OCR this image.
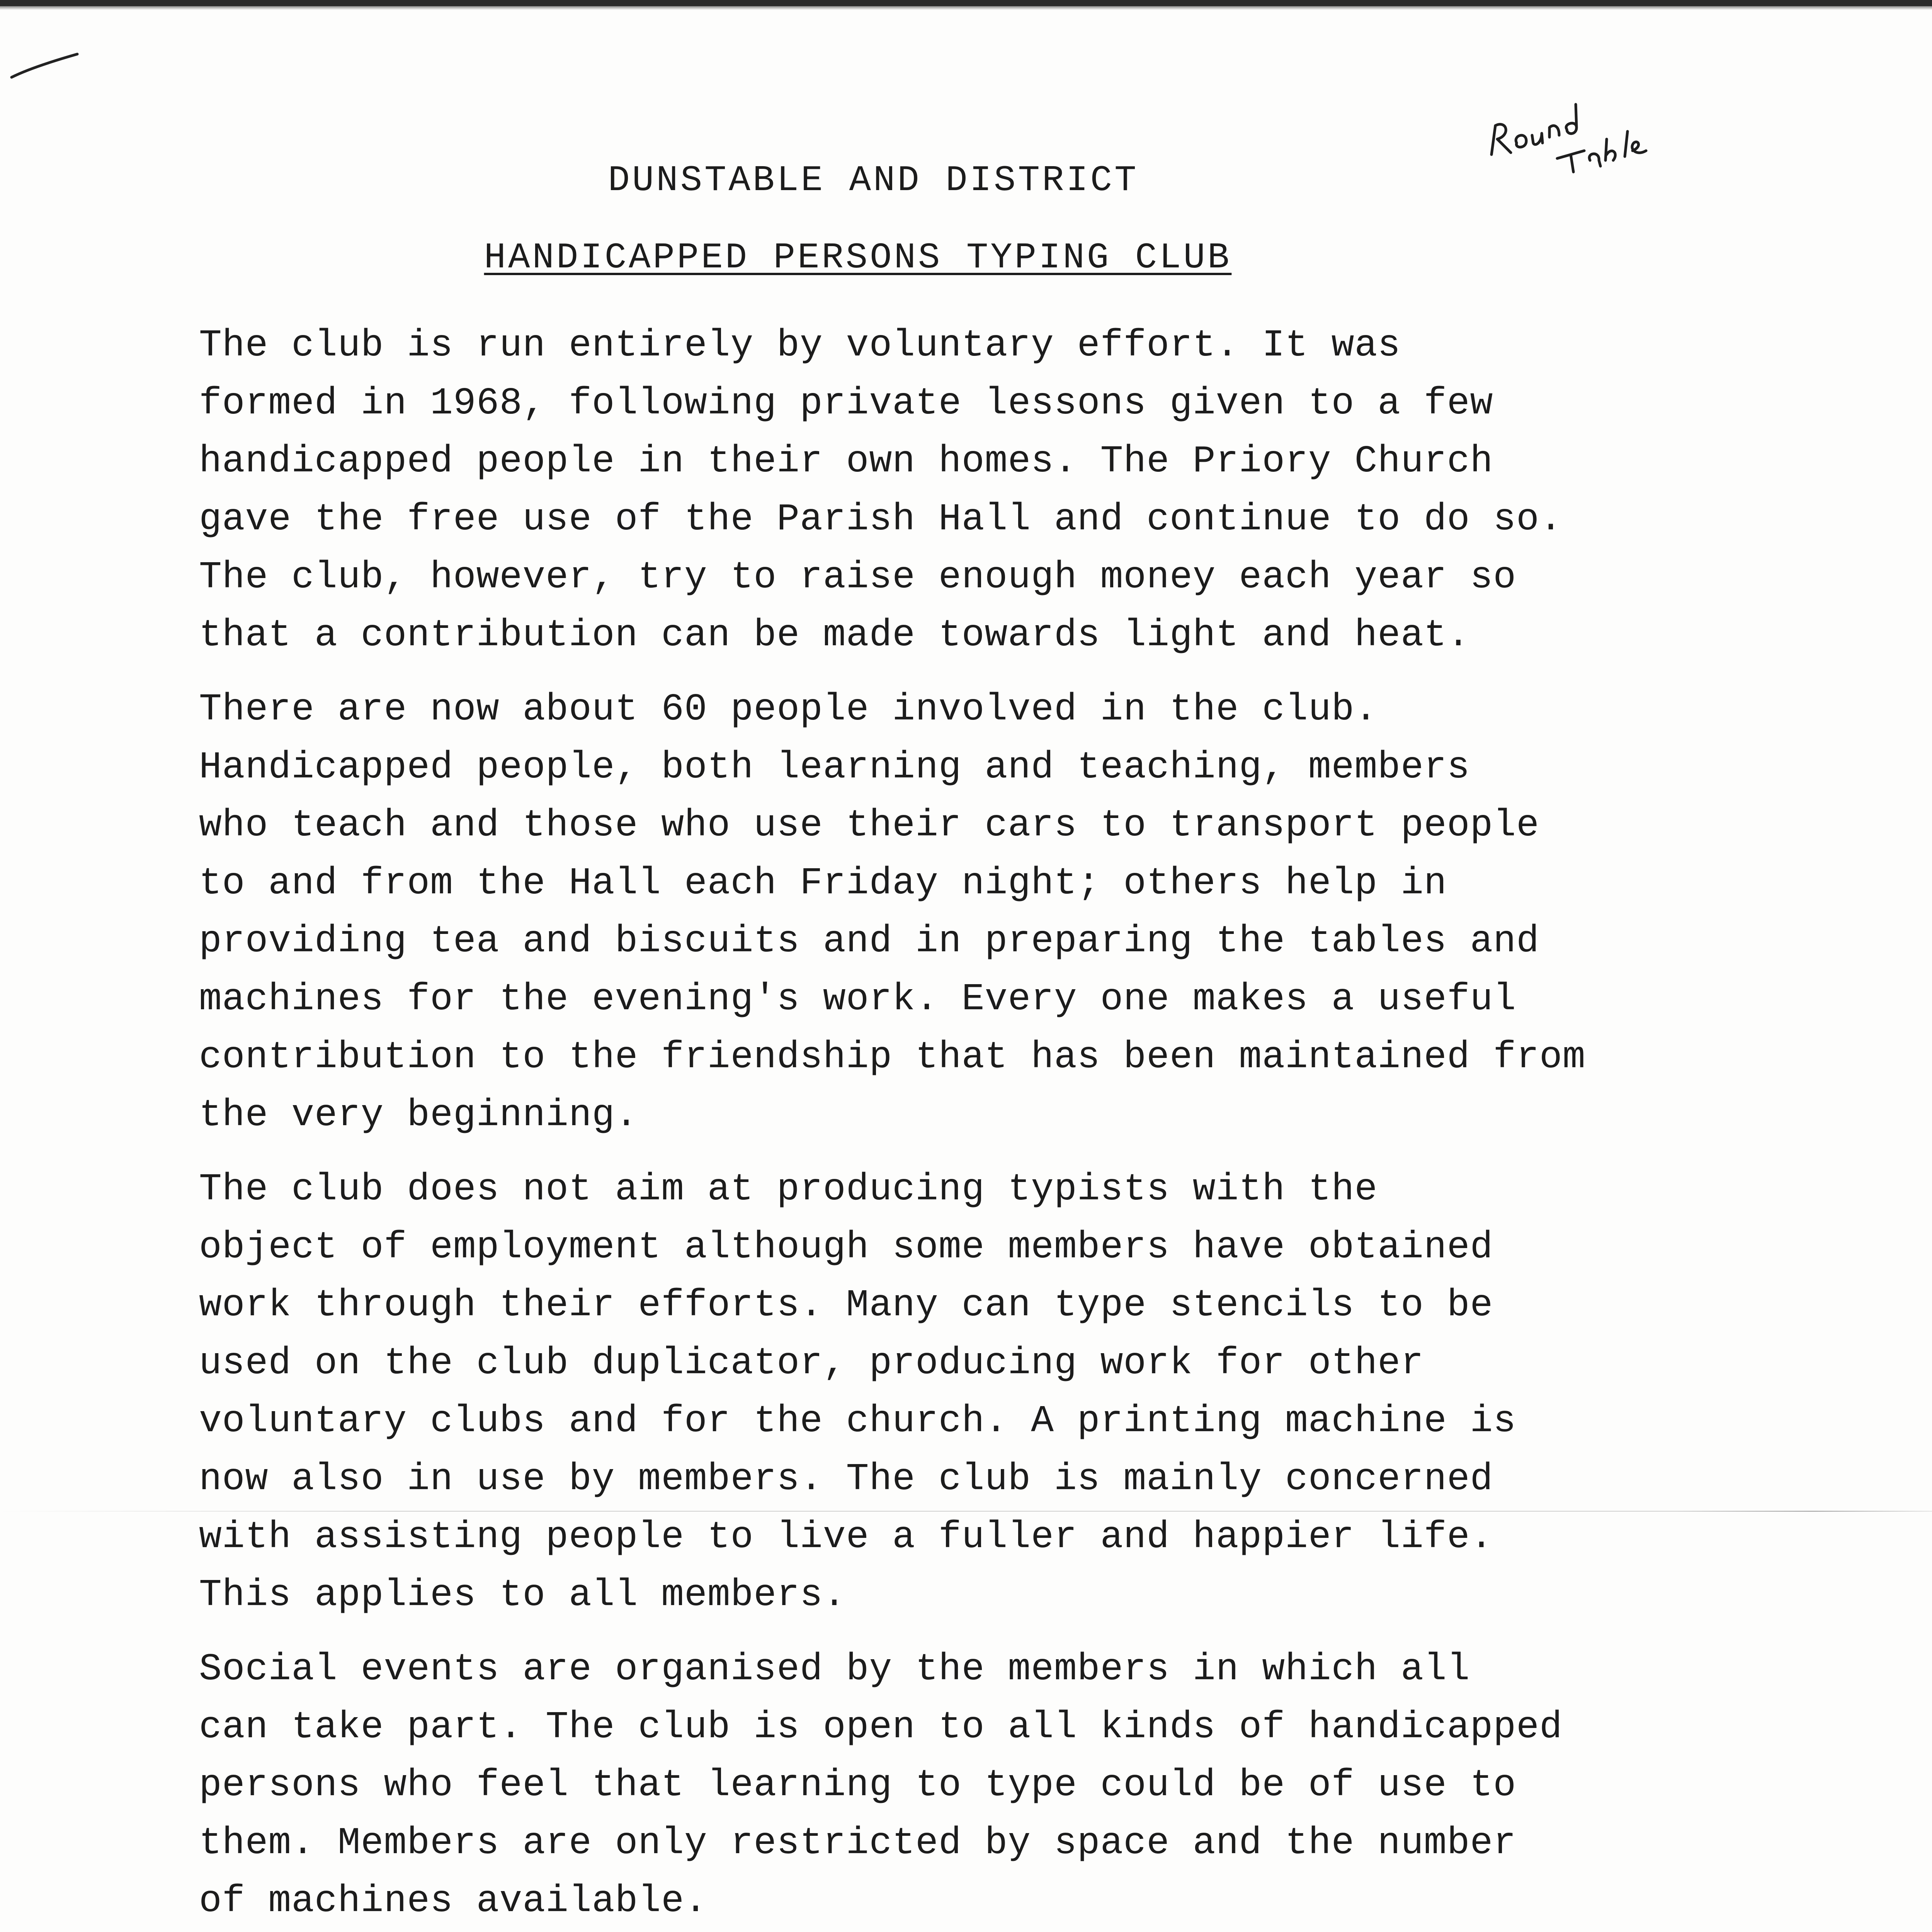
DUNSTABLE AND DISTRICT
HANDICAPPED PERSONS TYPING CLUB

The club is run entirely by voluntary effort. It was
formed in 1968, following private lessons given to a few
handicapped people in their own homes. The Priory Church
gave the free use of the Parish Hall and continue to do so.
The club, however, try to raise enough money each year so
that a contribution can be made towards light and heat.

There are now about 60 people involved in the club.
Handicapped people, both learning and teaching, members
who teach and those who use their cars to transport people
to and from the Hall each Friday night; others help in
providing tea and biscuits and in preparing the tables and
machines for the evening's work. Every one makes a useful
contribution to the friendship that has been maintained from
the very beginning.

The club does not aim at producing typists with the
object of employment although some members have obtained
work through their efforts. Many can type stencils to be
used on the club duplicator, producing work for other
voluntary clubs and for the church. A printing machine is
now also in use by members. The club is mainly concerned
with assisting people to live a fuller and happier life.
This applies to all members.

Social events are organised by the members in which all
can take part. The club is open to all kinds of handicapped
persons who feel that learning to type could be of use to
them. Members are only restricted by space and the number
of machines available.
